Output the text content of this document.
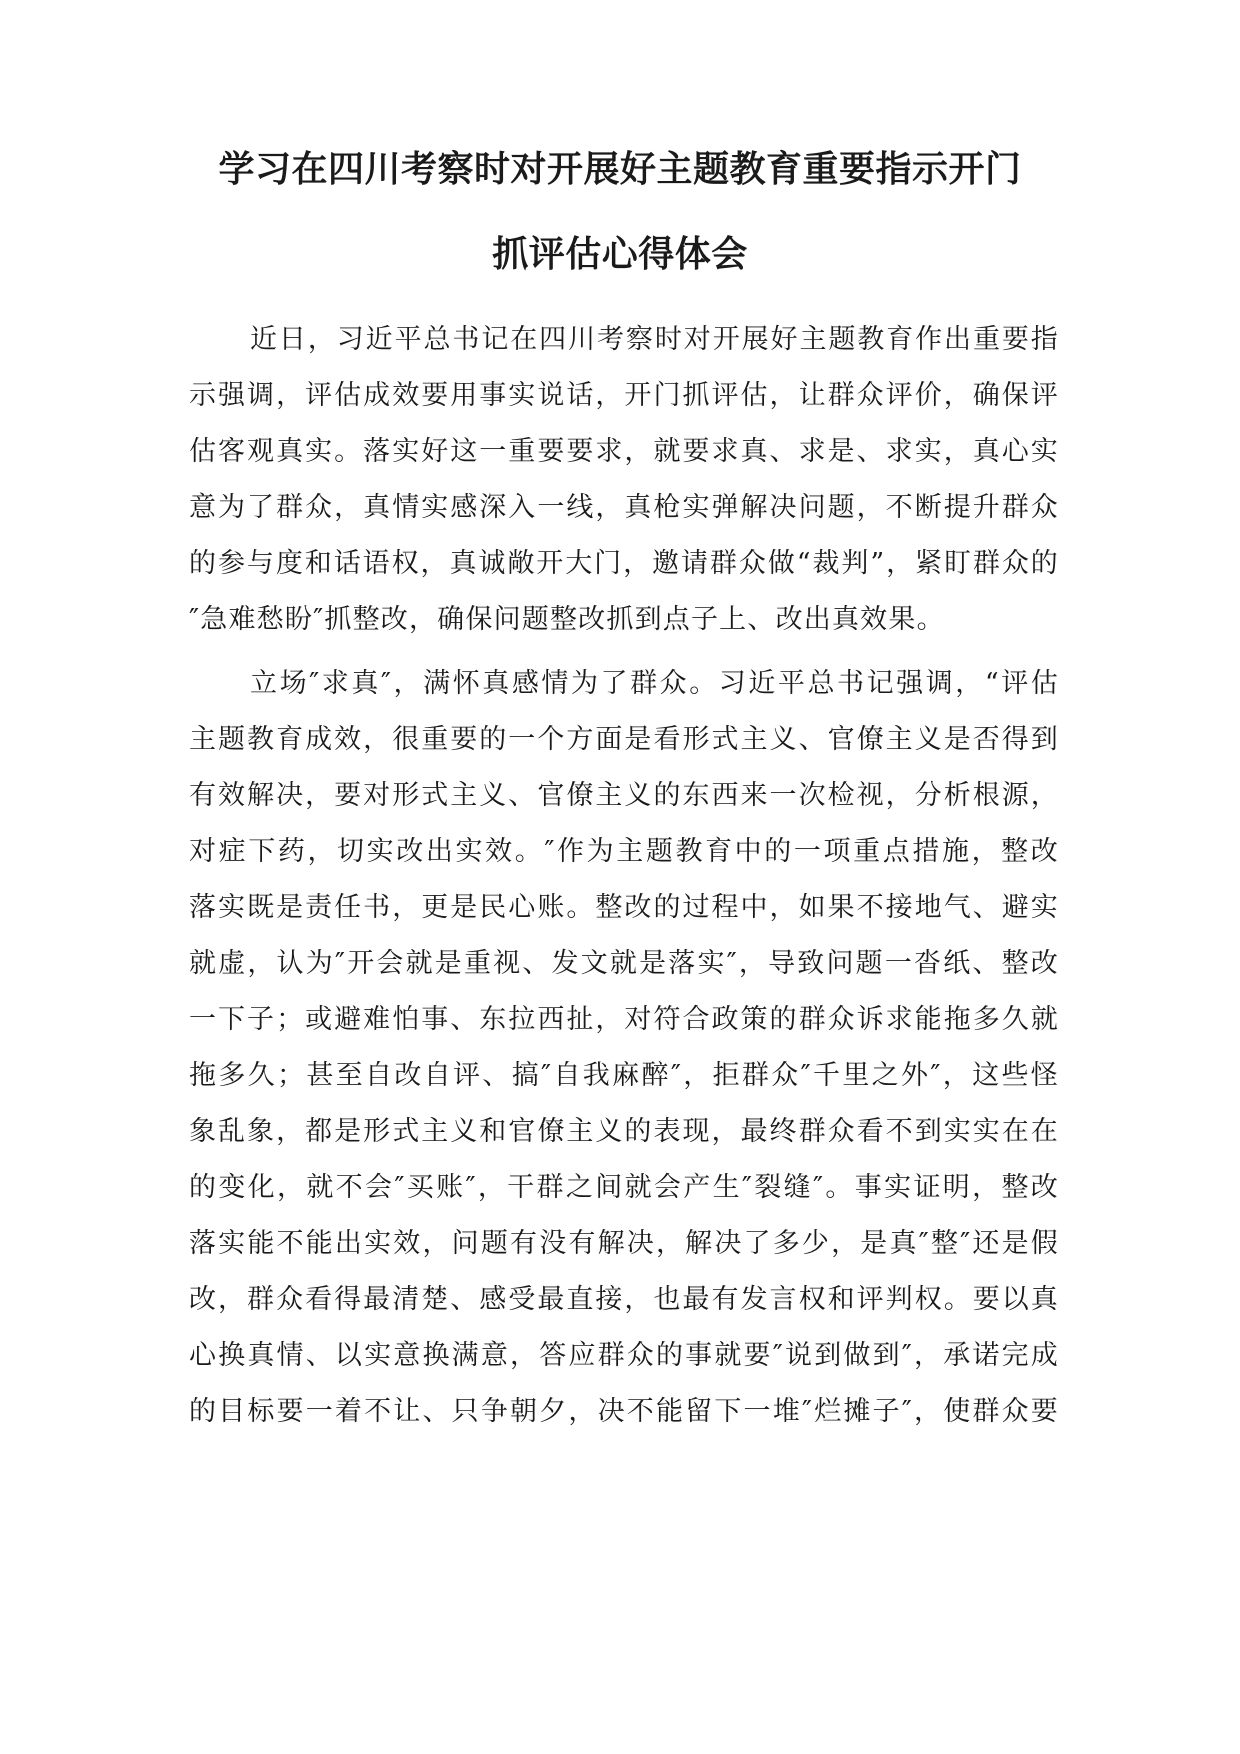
学习在四川考察时对开展好主题教育重要指示开门

抓评估心得体会

近日，习近平总书记在四川考察时对开展好主题教育作出重要指
示强调，评估成效要用事实说话，开门抓评估，让群众评价，确保评
估客观真实。落实好这一重要要求，就要求真、求是、求实，真心实
意为了群众，真情实感深入一线，真枪实弹解决问题，不断提升群众
的参与度和话语权，真诚敞开大门，邀请群众做“裁判”，紧盯群众的
″急难愁盼″抓整改，确保问题整改抓到点子上、改出真效果。

立场″求真″，满怀真感情为了群众。习近平总书记强调，“评估
主题教育成效，很重要的一个方面是看形式主义、官僚主义是否得到
有效解决，要对形式主义、官僚主义的东西来一次检视，分析根源，
对症下药，切实改出实效。″作为主题教育中的一项重点措施，整改
落实既是责任书，更是民心账。整改的过程中，如果不接地气、避实
就虚，认为″开会就是重视、发文就是落实″，导致问题一沓纸、整改
一下子；或避难怕事、东拉西扯，对符合政策的群众诉求能拖多久就
拖多久；甚至自改自评、搞″自我麻醉″，拒群众″千里之外″，这些怪
象乱象，都是形式主义和官僚主义的表现，最终群众看不到实实在在
的变化，就不会″买账″，干群之间就会产生″裂缝″。事实证明，整改
落实能不能出实效，问题有没有解决，解决了多少，是真″整″还是假
改，群众看得最清楚、感受最直接，也最有发言权和评判权。要以真
心换真情、以实意换满意，答应群众的事就要″说到做到″，承诺完成
的目标要一着不让、只争朝夕，决不能留下一堆″烂摊子″，使群众要
